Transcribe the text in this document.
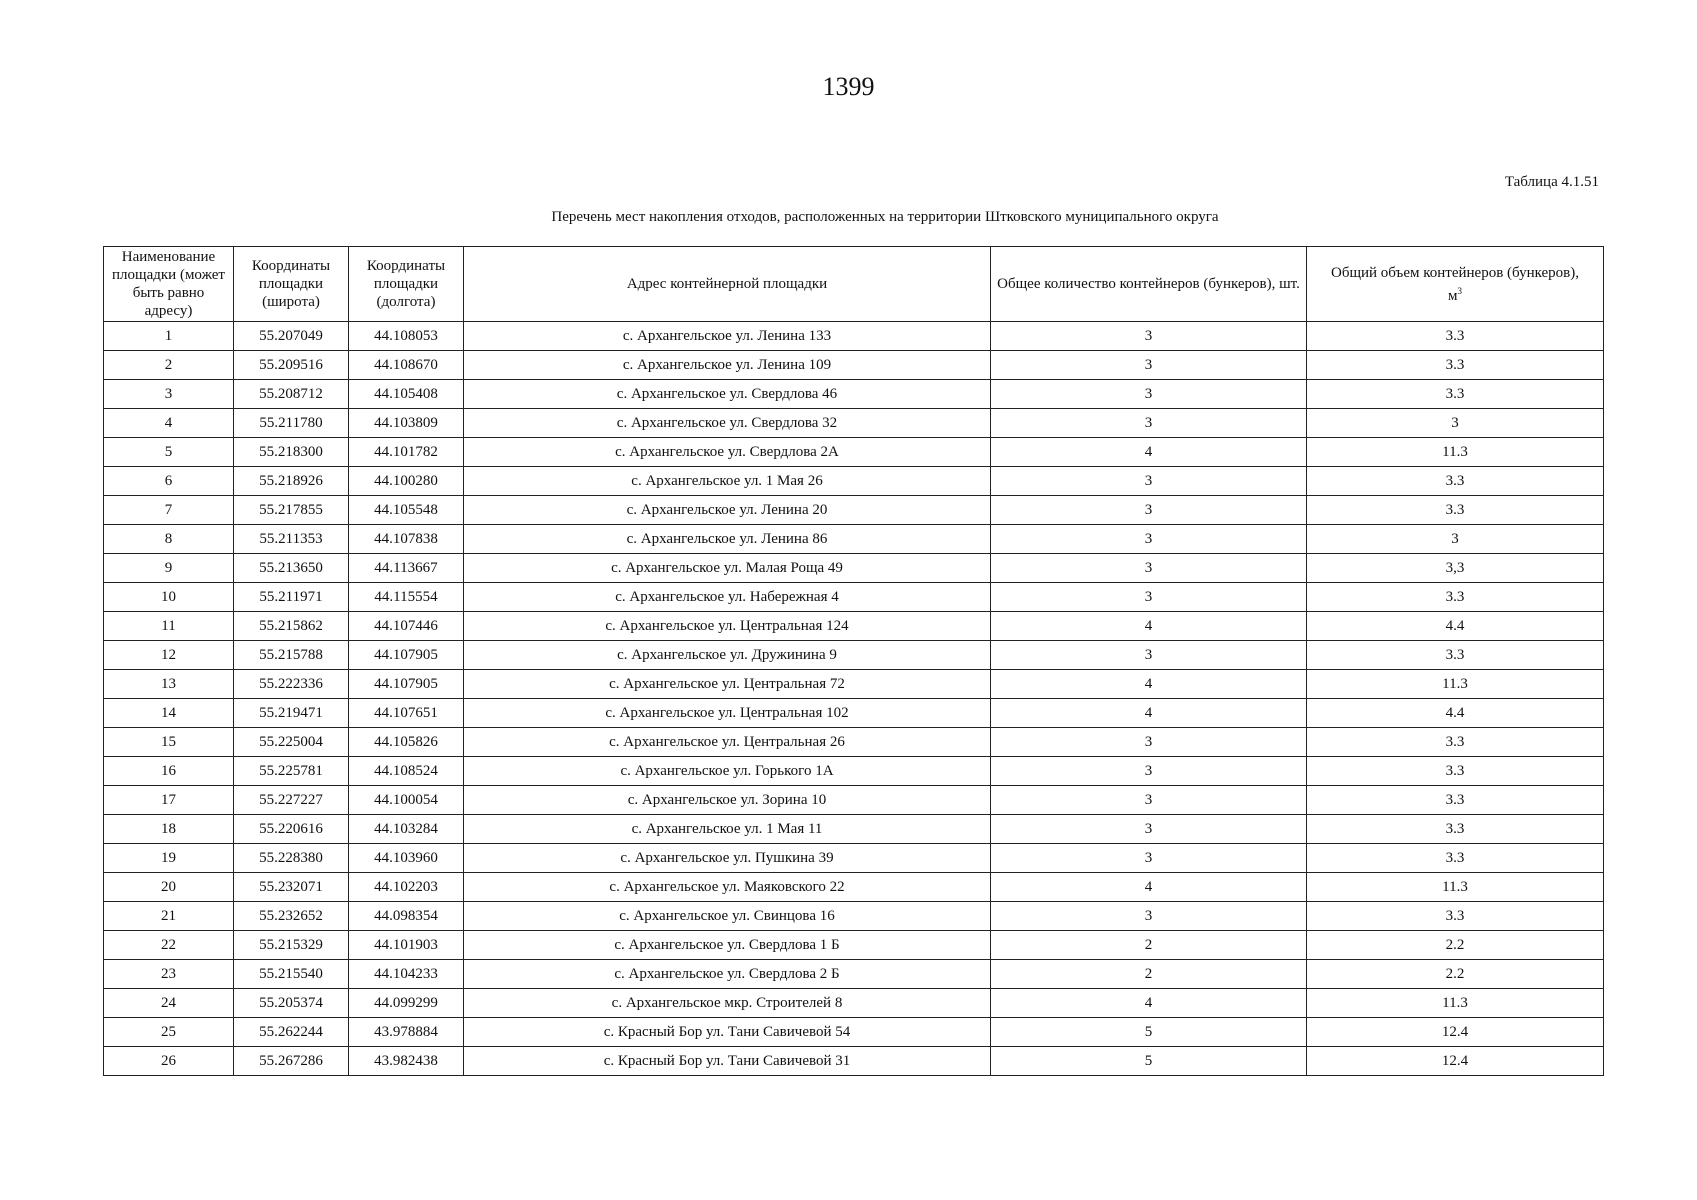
1399
Таблица 4.1.51
Перечень мест накопления отходов, расположенных на территории Штковского муниципального округа
Наименование площадки (может быть равно адресу)	Координаты площадки (широта)	Координаты площадки (долгота)	Адрес контейнерной площадки	Общее количество контейнеров (бункеров), шт.	Общий объем контейнеров (бункеров),
$м^3$
1	55.207049	44.108053	с. Архангельское ул. Ленина 133	3	3.3
2	55.209516	44.108670	с. Архангельское ул. Ленина 109	3	3.3
3	55.208712	44.105408	с. Архангельское ул. Свердлова 46	3	3.3
4	55.211780	44.103809	с. Архангельское ул. Свердлова 32	3	3
5	55.218300	44.101782	с. Архангельское ул. Свердлова 2А	4	11.3
6	55.218926	44.100280	с. Архангельское ул. 1 Мая 26	3	3.3
7	55.217855	44.105548	с. Архангельское ул. Ленина 20	3	3.3
8	55.211353	44.107838	с. Архангельское ул. Ленина 86	3	3
9	55.213650	44.113667	с. Архангельское ул. Малая Роща 49	3	3,3
10	55.211971	44.115554	с. Архангельское ул. Набережная 4	3	3.3
11	55.215862	44.107446	с. Архангельское ул. Центральная 124	4	4.4
12	55.215788	44.107905	с. Архангельское ул. Дружинина 9	3	3.3
13	55.222336	44.107905	с. Архангельское ул. Центральная 72	4	11.3
14	55.219471	44.107651	с. Архангельское ул. Центральная 102	4	4.4
15	55.225004	44.105826	с. Архангельское ул. Центральная 26	3	3.3
16	55.225781	44.108524	с. Архангельское ул. Горького 1А	3	3.3
17	55.227227	44.100054	с. Архангельское ул. Зорина 10	3	3.3
18	55.220616	44.103284	с. Архангельское ул. 1 Мая 11	3	3.3
19	55.228380	44.103960	с. Архангельское ул. Пушкина 39	3	3.3
20	55.232071	44.102203	с. Архангельское ул. Маяковского 22	4	11.3
21	55.232652	44.098354	с. Архангельское ул. Свинцова 16	3	3.3
22	55.215329	44.101903	с. Архангельское ул. Свердлова 1 Б	2	2.2
23	55.215540	44.104233	с. Архангельское ул. Свердлова 2 Б	2	2.2
24	55.205374	44.099299	с. Архангельское мкр. Строителей 8	4	11.3
25	55.262244	43.978884	с. Красный Бор ул. Тани Савичевой 54	5	12.4
26	55.267286	43.982438	с. Красный Бор ул. Тани Савичевой 31	5	12.4
